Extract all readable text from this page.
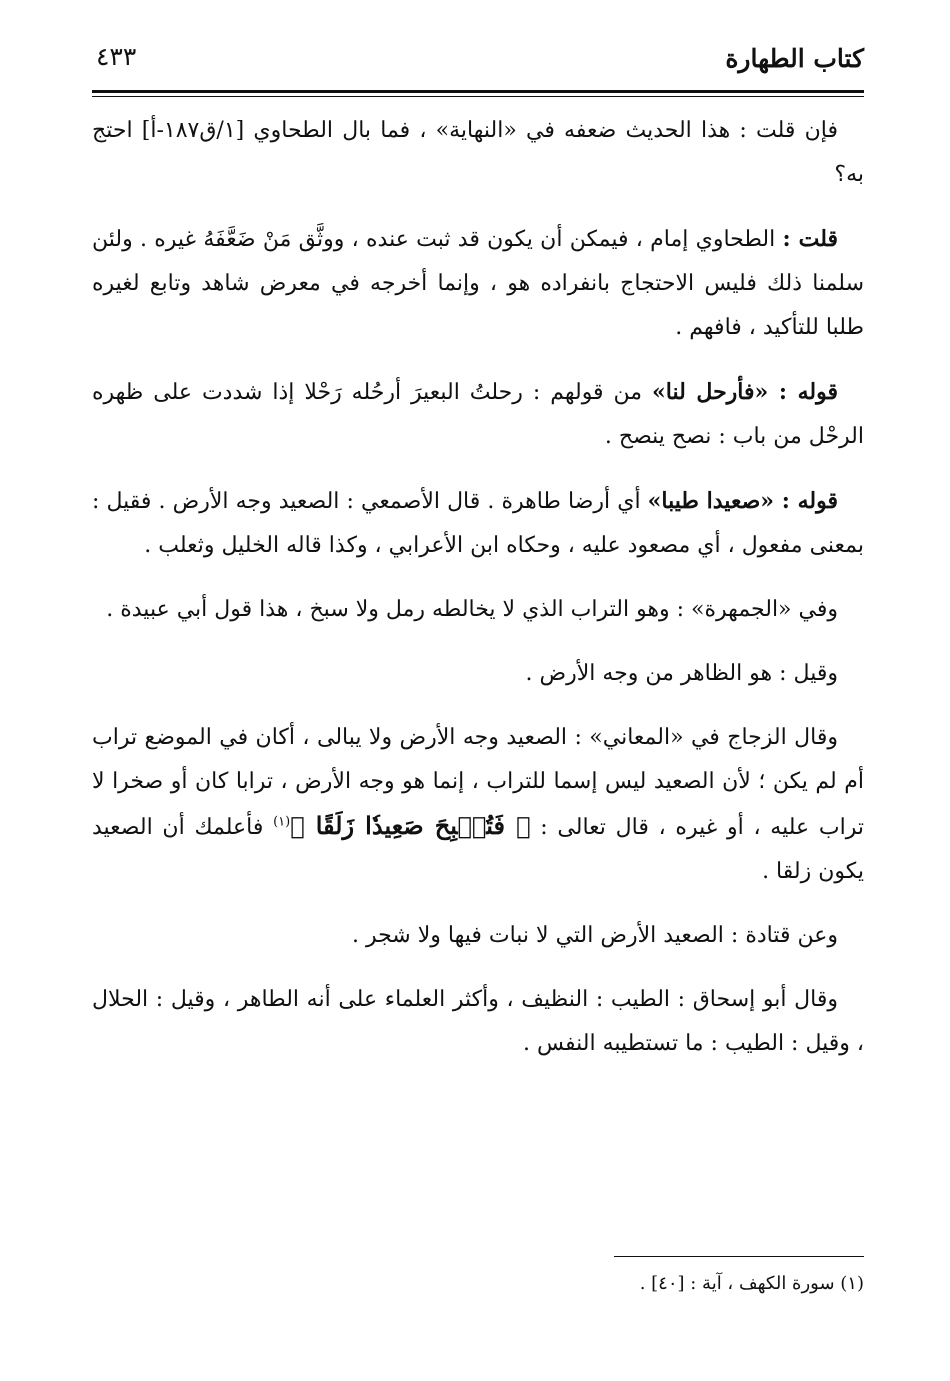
كتاب الطهارة
٤٣٣

فإن قلت : هذا الحديث ضعفه في «النهاية» ، فما بال الطحاوي [١/ق١٨٧-أ] احتج به؟

قلت : الطحاوي إمام ، فيمكن أن يكون قد ثبت عنده ، ووثَّق مَنْ ضَعَّفَهُ غيره . ولئن سلمنا ذلك فليس الاحتجاج بانفراده هو ، وإنما أخرجه في معرض شاهد وتابع لغيره طلبا للتأكيد ، فافهم .

قوله : «فأرحل لنا» من قولهم : رحلتُ البعيرَ أرحُله رَحْلا إذا شددت على ظهره الرحْل من باب : نصح ينصح .

قوله : «صعيدا طيبا» أي أرضا طاهرة . قال الأصمعي : الصعيد وجه الأرض . فقيل : بمعنى مفعول ، أي مصعود عليه ، وحكاه ابن الأعرابي ، وكذا قاله الخليل وثعلب .

وفي «الجمهرة» : وهو التراب الذي لا يخالطه رمل ولا سبخ ، هذا قول أبي عبيدة .

وقيل : هو الظاهر من وجه الأرض .

وقال الزجاج في «المعاني» : الصعيد وجه الأرض ولا يبالى ، أكان في الموضع تراب أم لم يكن ؛ لأن الصعيد ليس إسما للتراب ، إنما هو وجه الأرض ، ترابا كان أو صخرا لا تراب عليه ، أو غيره ، قال تعالى : ﴿ فَتُصۡبِحَ صَعِيدٗا زَلَقًا ﴾$^{(١)}$ فأعلمك أن الصعيد يكون زلقا .

وعن قتادة : الصعيد الأرض التي لا نبات فيها ولا شجر .

وقال أبو إسحاق : الطيب : النظيف ، وأكثر العلماء على أنه الطاهر ، وقيل : الحلال ، وقيل : الطيب : ما تستطيبه النفس .

(١) سورة الكهف ، آية : [٤٠] .
